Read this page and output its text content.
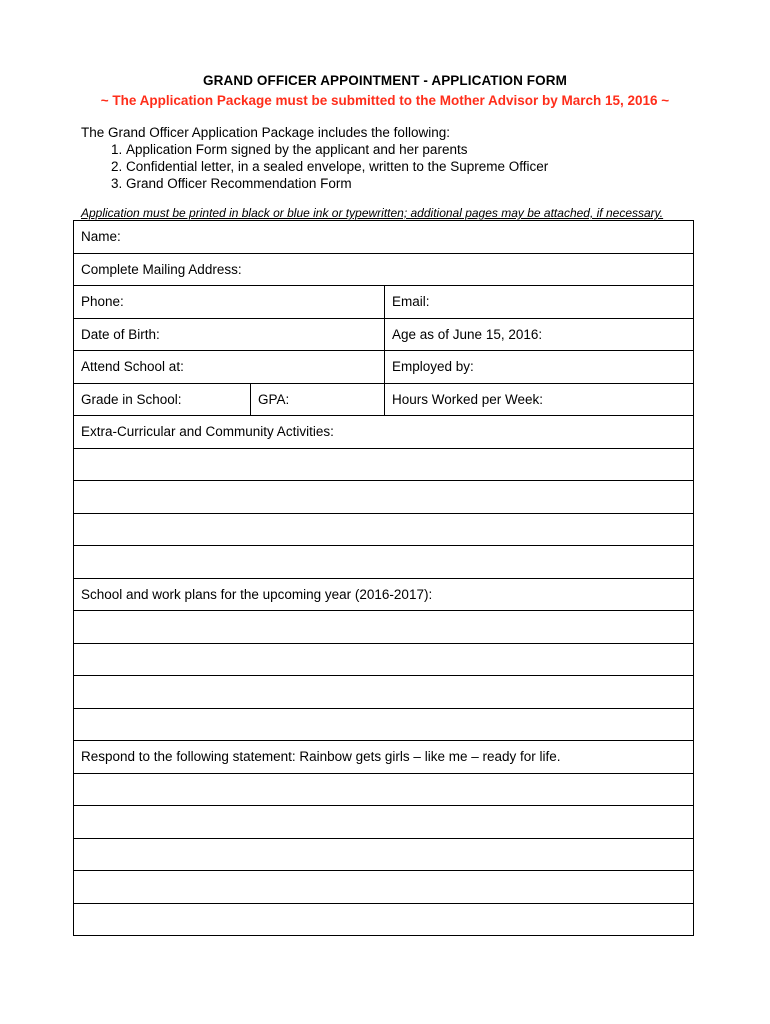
GRAND OFFICER APPOINTMENT - APPLICATION FORM
~ The Application Package must be submitted to the Mother Advisor by March 15, 2016 ~
The Grand Officer Application Package includes the following:
1. Application Form signed by the applicant and her parents
2. Confidential letter, in a sealed envelope, written to the Supreme Officer
3. Grand Officer Recommendation Form
Application must be printed in black or blue ink or typewritten; additional pages may be attached, if necessary.
Name:		
Complete Mailing Address:		
Phone:		Email:
Date of Birth:		Age as of June 15, 2016:
Attend School at:		Employed by:
Grade in School:	GPA:	Hours Worked per Week:
Extra-Curricular and Community Activities:		

School and work plans for the upcoming year (2016-2017):		

Respond to the following statement: Rainbow gets girls – like me – ready for life.		
